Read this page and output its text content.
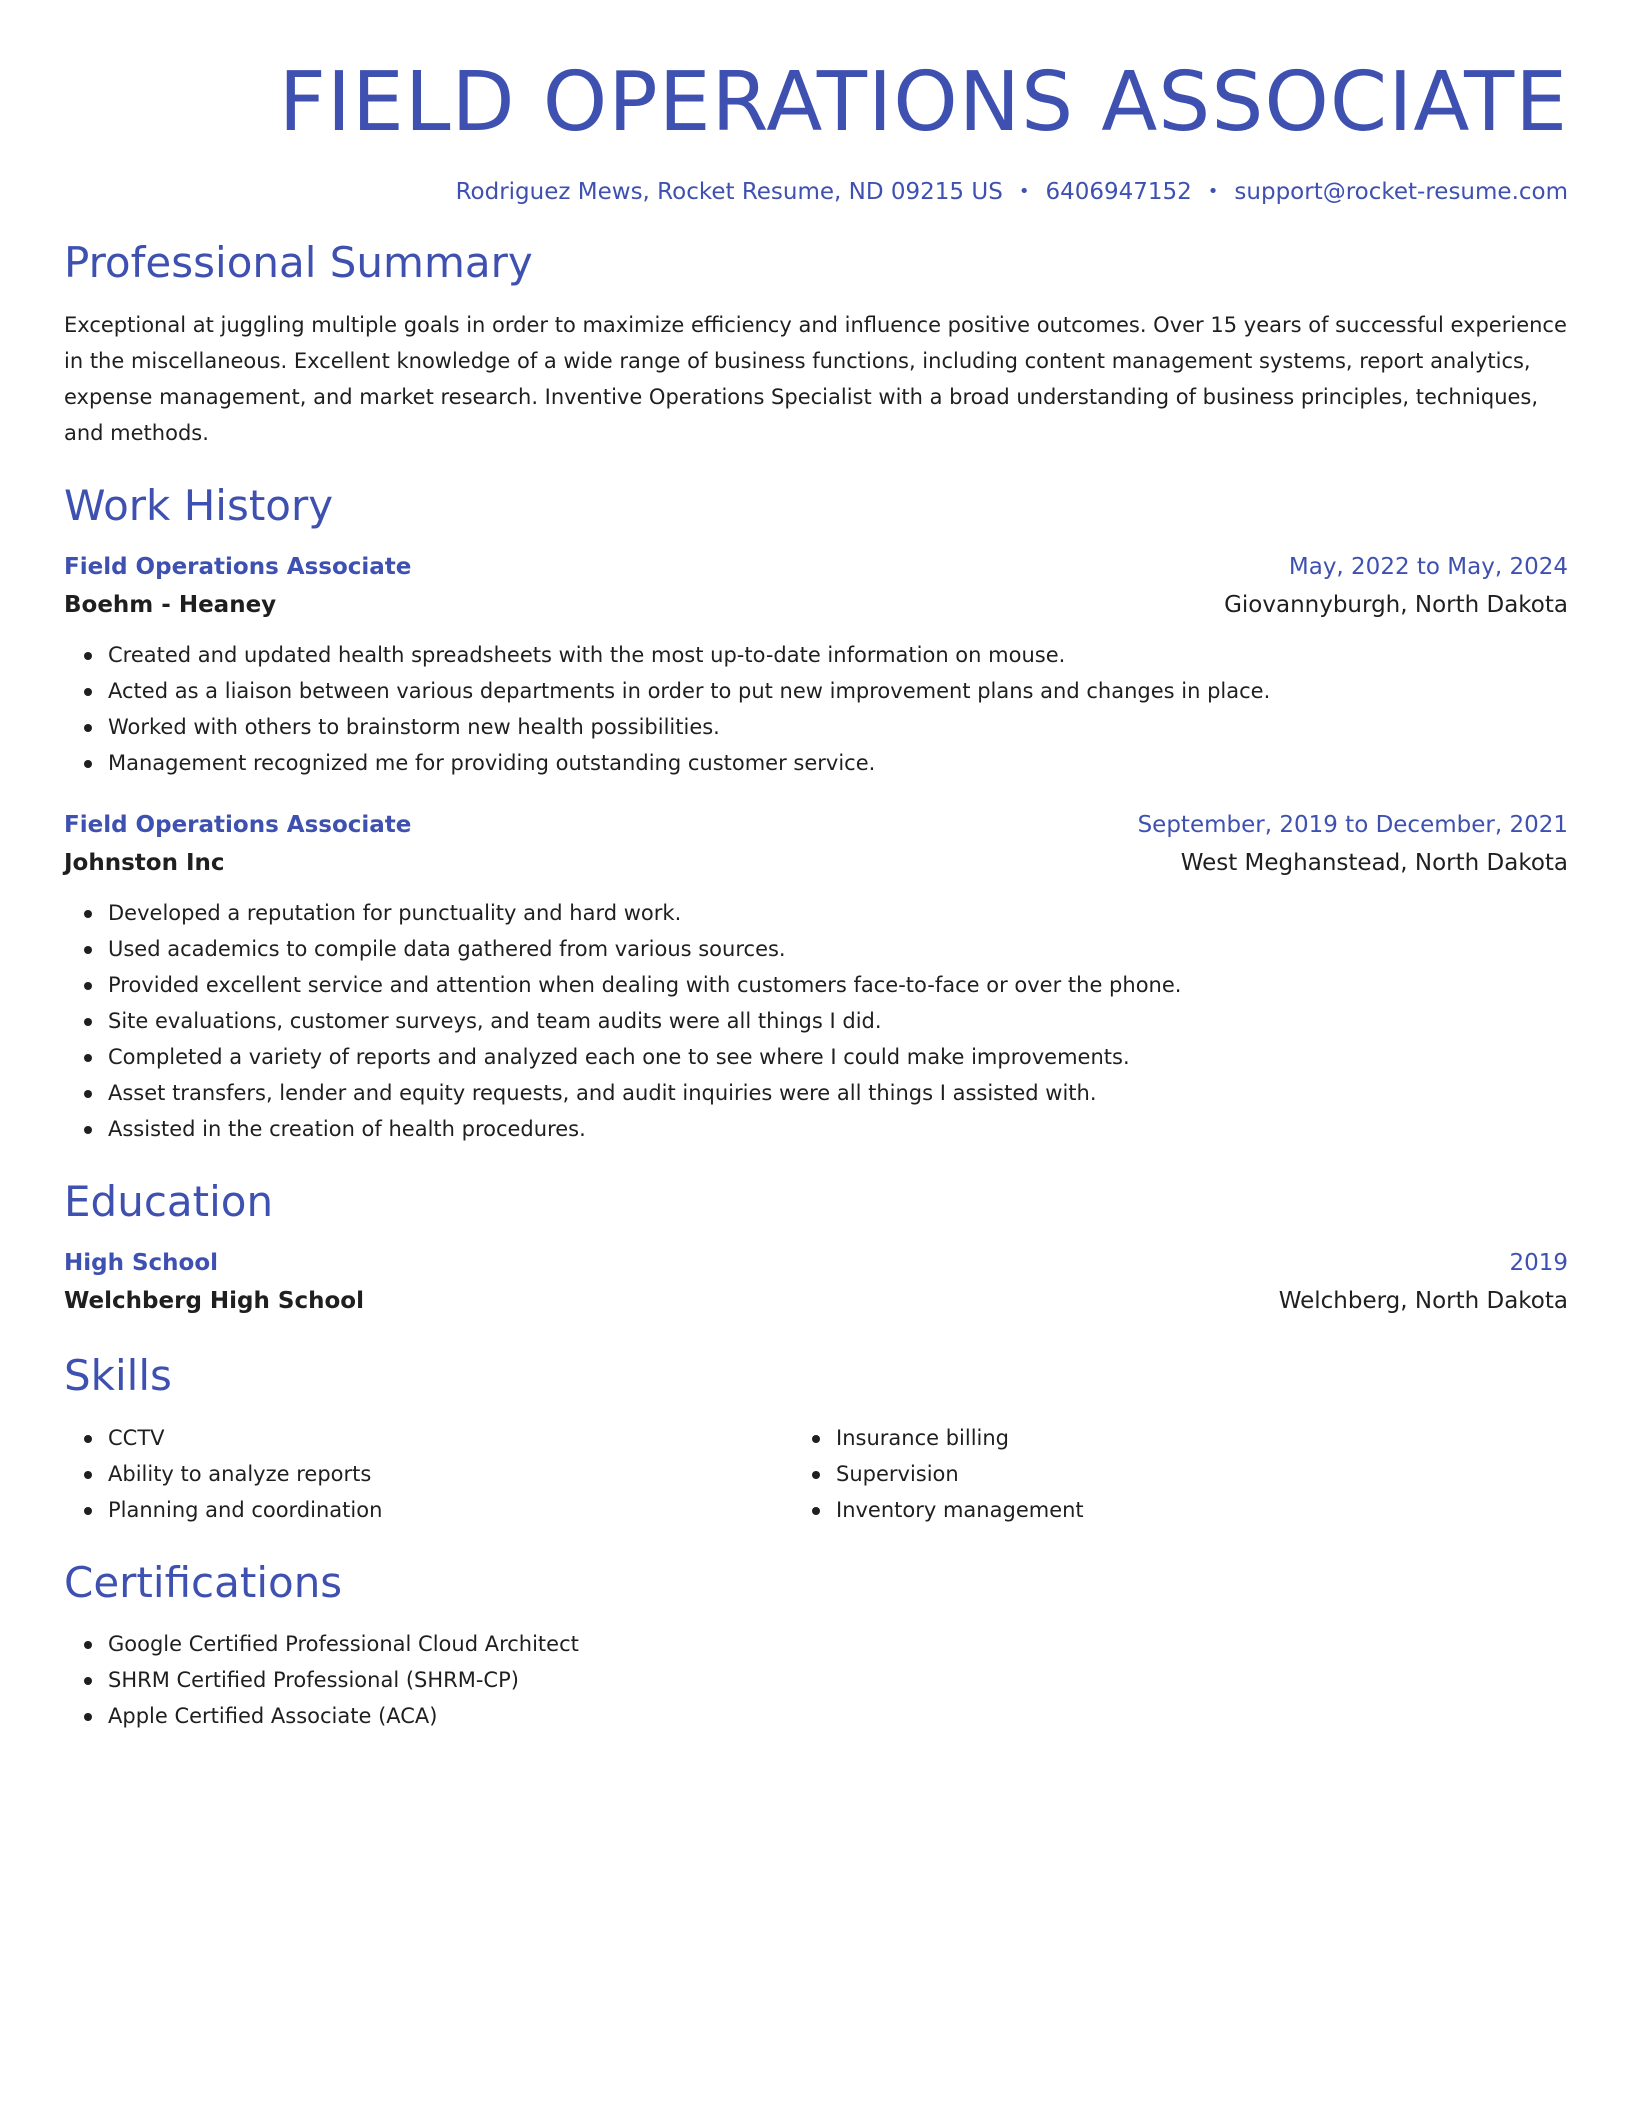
FIELD OPERATIONS ASSOCIATE
Rodriguez Mews, Rocket Resume, ND 09215 US • 6406947152 • support@rocket-resume.com
Professional Summary

Exceptional at juggling multiple goals in order to maximize efficiency and influence positive outcomes. Over 15 years of successful experience in the miscellaneous. Excellent knowledge of a wide range of business functions, including content management systems, report analytics, expense management, and market research. Inventive Operations Specialist with a broad understanding of business principles, techniques, and methods.

Work History
Field Operations Associate	May, 2022 to May, 2024
Boehm - Heaney	Giovannyburgh, North Dakota
Created and updated health spreadsheets with the most up-to-date information on mouse.
Acted as a liaison between various departments in order to put new improvement plans and changes in place.
Worked with others to brainstorm new health possibilities.
Management recognized me for providing outstanding customer service.
Field Operations Associate	September, 2019 to December, 2021
Johnston Inc	West Meghanstead, North Dakota
Developed a reputation for punctuality and hard work.
Used academics to compile data gathered from various sources.
Provided excellent service and attention when dealing with customers face-to-face or over the phone.
Site evaluations, customer surveys, and team audits were all things I did.
Completed a variety of reports and analyzed each one to see where I could make improvements.
Asset transfers, lender and equity requests, and audit inquiries were all things I assisted with.
Assisted in the creation of health procedures.
Education
High School	2019
Welchberg High School	Welchberg, North Dakota
Skills
CCTV
Ability to analyze reports
Planning and coordination
Insurance billing
Supervision
Inventory management
Certifications
Google Certified Professional Cloud Architect
SHRM Certified Professional (SHRM-CP)
Apple Certified Associate (ACA)
